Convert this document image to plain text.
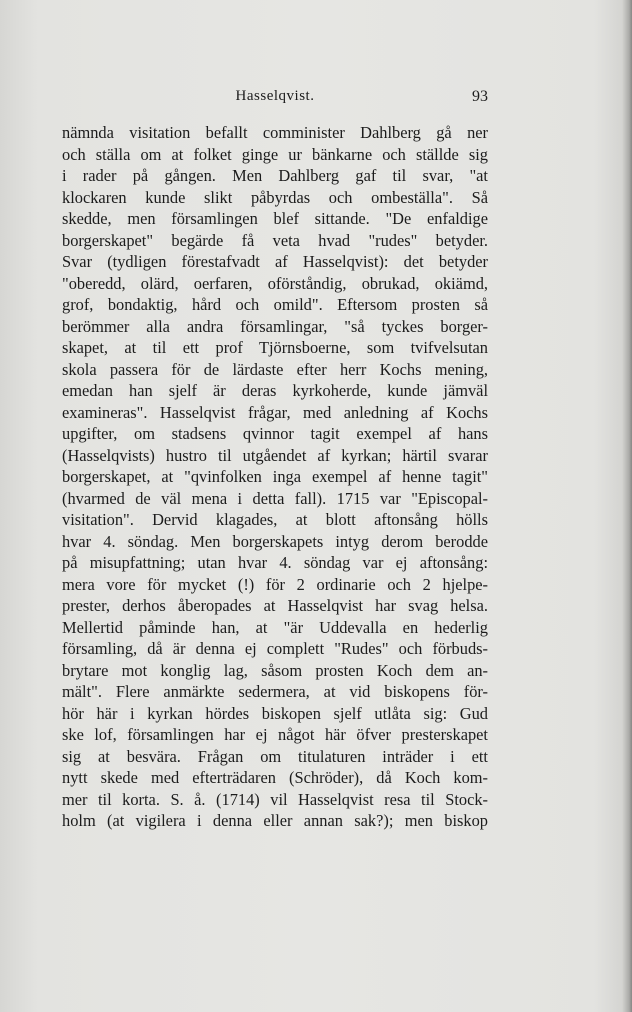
Hasselqvist.	93
nämnda visitation befallt comminister Dahlberg gå ner
och ställa om at folket ginge ur bänkarne och ställde sig
i rader på gången. Men Dahlberg gaf til svar, "at
klockaren kunde slikt påbyrdas och ombeställa". Så
skedde, men församlingen blef sittande. "De enfaldige
borgerskapet" begärde få veta hvad "rudes" betyder.
Svar (tydligen förestafvadt af Hasselqvist): det betyder
"oberedd, olärd, oerfaren, oförståndig, obrukad, okiämd,
grof, bondaktig, hård och omild". Eftersom prosten så
berömmer alla andra församlingar, "så tyckes borger-
skapet, at til ett prof Tjörnsboerne, som tvifvelsutan
skola passera för de lärdaste efter herr Kochs mening,
emedan han sjelf är deras kyrkoherde, kunde jämväl
examineras". Hasselqvist frågar, med anledning af Kochs
upgifter, om stadsens qvinnor tagit exempel af hans
(Hasselqvists) hustro til utgåendet af kyrkan; härtil svarar
borgerskapet, at "qvinfolken inga exempel af henne tagit"
(hvarmed de väl mena i detta fall). 1715 var "Episcopal-
visitation". Dervid klagades, at blott aftonsång hölls
hvar 4. söndag. Men borgerskapets intyg derom berodde
på misupfattning; utan hvar 4. söndag var ej aftonsång:
mera vore för mycket (!) för 2 ordinarie och 2 hjelpe-
prester, derhos åberopades at Hasselqvist har svag helsa.
Mellertid påminde han, at "är Uddevalla en hederlig
församling, då är denna ej complett "Rudes" och förbuds-
brytare mot konglig lag, såsom prosten Koch dem an-
mält". Flere anmärkte sedermera, at vid biskopens för-
hör här i kyrkan hördes biskopen sjelf utlåta sig: Gud
ske lof, församlingen har ej något här öfver presterskapet
sig at besvära. Frågan om titulaturen inträder i ett
nytt skede med efterträdaren (Schröder), då Koch kom-
mer til korta. S. å. (1714) vil Hasselqvist resa til Stock-
holm (at vigilera i denna eller annan sak?); men biskop
